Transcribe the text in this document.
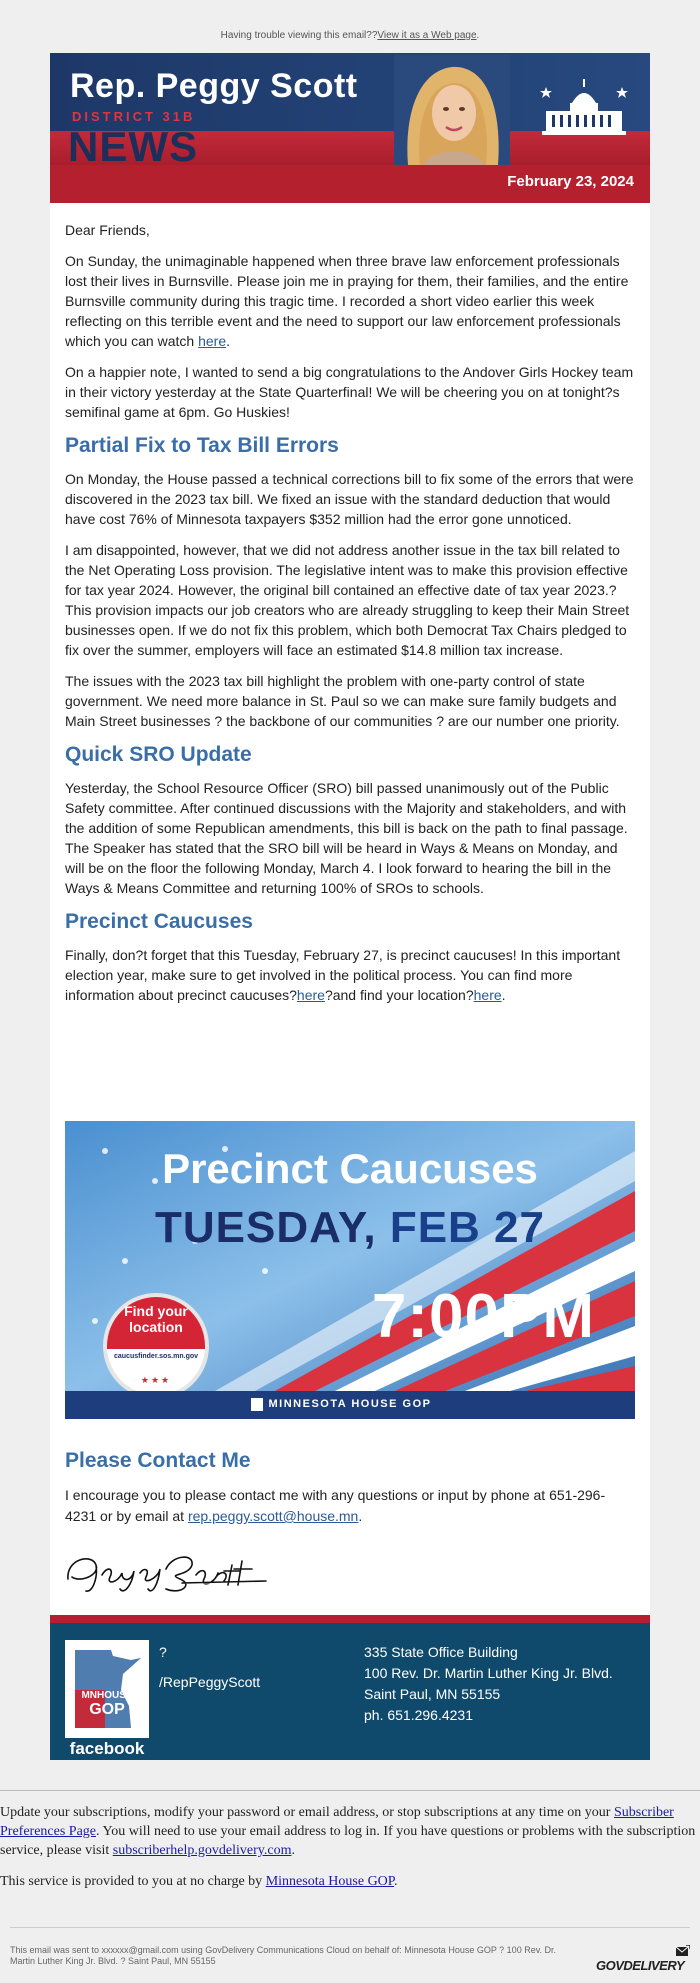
Having trouble viewing this email??View it as a Web page.
Rep. Peggy Scott
DISTRICT 31B
NEWS
February 23, 2024

Dear Friends,

On Sunday, the unimaginable happened when three brave law enforcement professionals lost their lives in Burnsville. Please join me in praying for them, their families, and the entire Burnsville community during this tragic time. I recorded a short video earlier this week reflecting on this terrible event and the need to support our law enforcement professionals which you can watch here.

On a happier note, I wanted to send a big congratulations to the Andover Girls Hockey team in their victory yesterday at the State Quarterfinal! We will be cheering you on at tonight?s semifinal game at 6pm. Go Huskies!

Partial Fix to Tax Bill Errors

On Monday, the House passed a technical corrections bill to fix some of the errors that were discovered in the 2023 tax bill. We fixed an issue with the standard deduction that would have cost 76% of Minnesota taxpayers $352 million had the error gone unnoticed.

I am disappointed, however, that we did not address another issue in the tax bill related to the Net Operating Loss provision. The legislative intent was to make this provision effective for tax year 2024. However, the original bill contained an effective date of tax year 2023.?This provision impacts our job creators who are already struggling to keep their Main Street businesses open. If we do not fix this problem, which both Democrat Tax Chairs pledged to fix over the summer, employers will face an estimated $14.8 million tax increase.

The issues with the 2023 tax bill highlight the problem with one-party control of state government. We need more balance in St. Paul so we can make sure family budgets and Main Street businesses ? the backbone of our communities ? are our number one priority.

Quick SRO Update

Yesterday, the School Resource Officer (SRO) bill passed unanimously out of the Public Safety committee. After continued discussions with the Majority and stakeholders, and with the addition of some Republican amendments, this bill is back on the path to final passage. The Speaker has stated that the SRO bill will be heard in Ways & Means on Monday, and will be on the floor the following Monday, March 4. I look forward to hearing the bill in the Ways & Means Committee and returning 100% of SROs to schools.

Precinct Caucuses

Finally, don?t forget that this Tuesday, February 27, is precinct caucuses! In this important election year, make sure to get involved in the political process. You can find more information about precinct caucuses?here?and find your location?here.

Precinct Caucuses
TUESDAY, FEB 27
7:00PM
Find your
location
caucusfinder.sos.mn.gov
★★★
MINNESOTA HOUSE GOP
Please Contact Me
I encourage you to please contact me with any questions or input by phone at 651-296-4231 or by email at rep.peggy.scott@house.mn.
MNHOUSE
GOP
facebook
?
/RepPeggyScott
335 State Office Building
100 Rev. Dr. Martin Luther King Jr. Blvd.
Saint Paul, MN 55155
ph. 651.296.4231
Update your subscriptions, modify your password or email address, or stop subscriptions at any time on your Subscriber Preferences Page. You will need to use your email address to log in. If you have questions or problems with the subscription service, please visit subscriberhelp.govdelivery.com.
This service is provided to you at no charge by Minnesota House GOP.
This email was sent to xxxxxx@gmail.com using GovDelivery Communications Cloud on behalf of: Minnesota House GOP ? 100 Rev. Dr. Martin Luther King Jr. Blvd. ? Saint Paul, MN 55155	GOVDELIVERY
